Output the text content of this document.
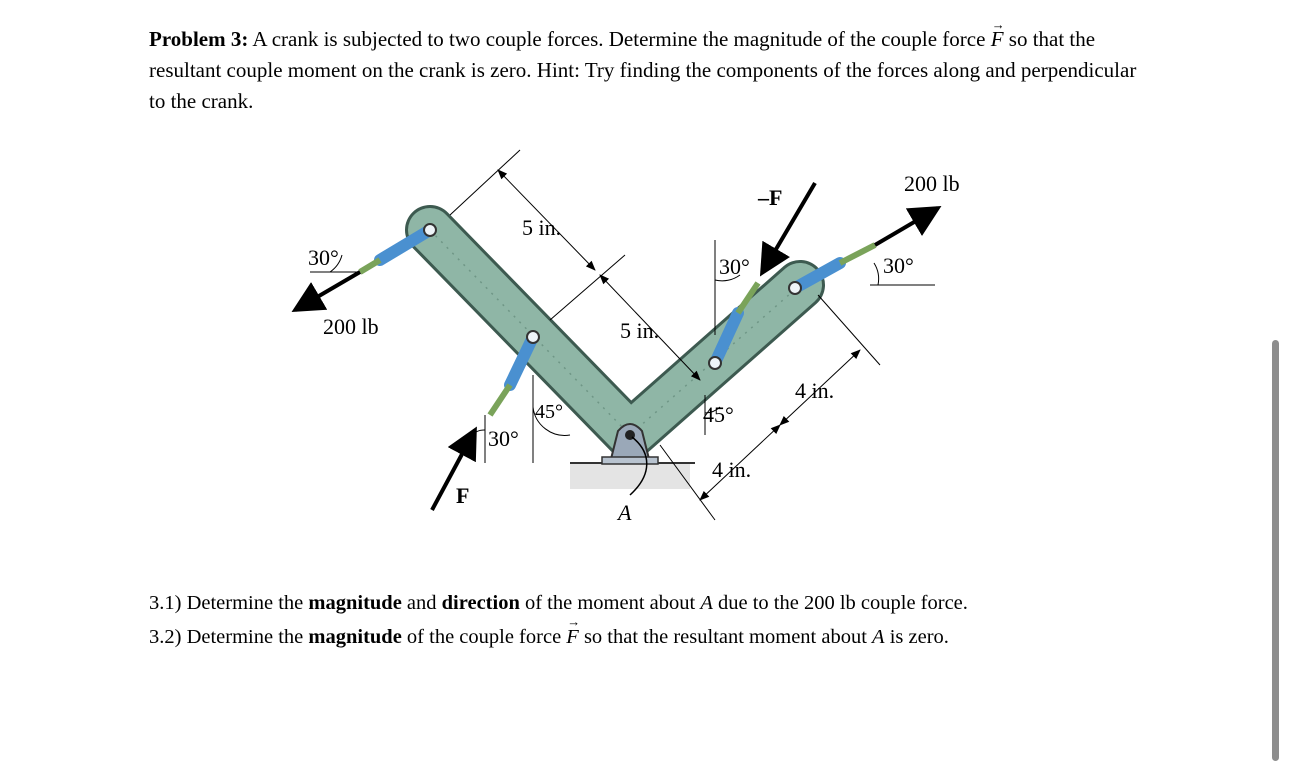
Problem 3: A crank is subjected to two couple forces. Determine the magnitude of the couple force → F so that the resultant couple moment on the crank is zero. Hint: Try finding the components of the forces along and perpendicular to the crank.

30°
200 lb
5 in.
5 in.
–F
30°
200 lb
30°
4 in.
45°	45°
30°
4 in.
F
A

3.1) Determine the magnitude and direction of the moment about A due to the 200 lb couple force.

3.2) Determine the magnitude of the couple force → F so that the resultant moment about A is zero.
